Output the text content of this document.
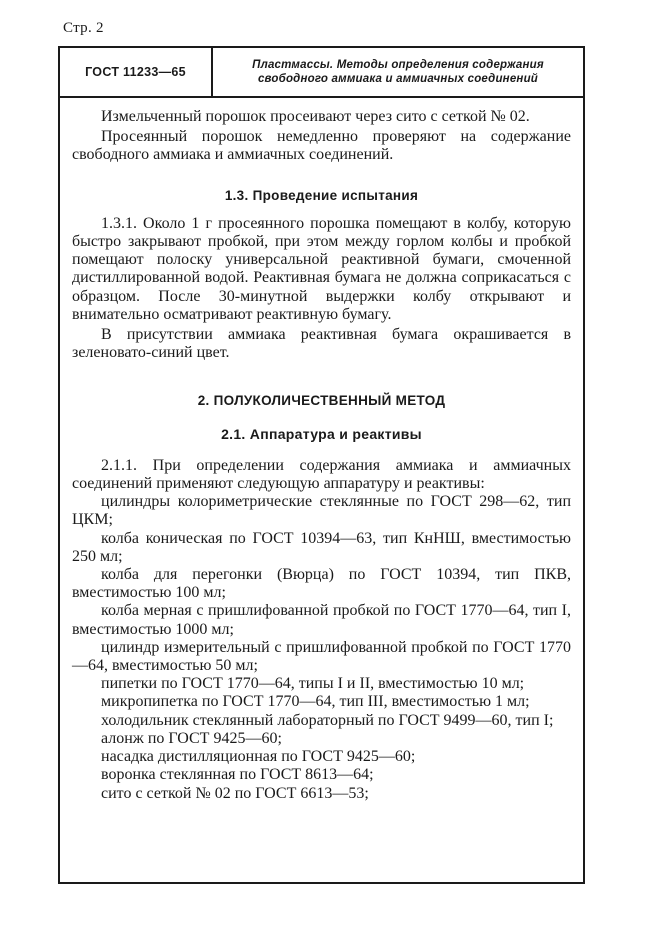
Стр. 2
ГОСТ 11233—65	Пластмассы. Методы определения содержания
свободного аммиака и аммиачных соединений

Измельченный порошок просеивают через сито с сеткой № 02.

Просеянный порошок немедленно проверяют на содержание свободного аммиака и аммиачных соединений.

1.3. Проведение испытания

1.3.1. Около 1 г просеянного порошка помещают в колбу, которую быстро закрывают пробкой, при этом между горлом колбы и пробкой помещают полоску универсальной реактивной бумаги, смоченной дистиллированной водой. Реактивная бумага не должна соприкасаться с образцом. После 30-минутной выдержки колбу открывают и внимательно осматривают реактивную бумагу.

В присутствии аммиака реактивная бумага окрашивается в зеленовато-синий цвет.

2. ПОЛУКОЛИЧЕСТВЕННЫЙ МЕТОД

2.1. Аппаратура и реактивы

2.1.1. При определении содержания аммиака и аммиачных соединений применяют следующую аппаратуру и реактивы:

цилиндры колориметрические стеклянные по ГОСТ 298—62, тип ЦКМ;

колба коническая по ГОСТ 10394—63, тип КнНШ, вместимостью 250 мл;

колба для перегонки (Вюрца) по ГОСТ 10394, тип ПКВ, вместимостью 100 мл;

колба мерная с пришлифованной пробкой по ГОСТ 1770—64, тип I, вместимостью 1000 мл;

цилиндр измерительный с пришлифованной пробкой по ГОСТ 1770—64, вместимостью 50 мл;

пипетки по ГОСТ 1770—64, типы I и II, вместимостью 10 мл;

микропипетка по ГОСТ 1770—64, тип III, вместимостью 1 мл;

холодильник стеклянный лабораторный по ГОСТ 9499—60, тип I;

алонж по ГОСТ 9425—60;

насадка дистилляционная по ГОСТ 9425—60;

воронка стеклянная по ГОСТ 8613—64;

сито с сеткой № 02 по ГОСТ 6613—53;
